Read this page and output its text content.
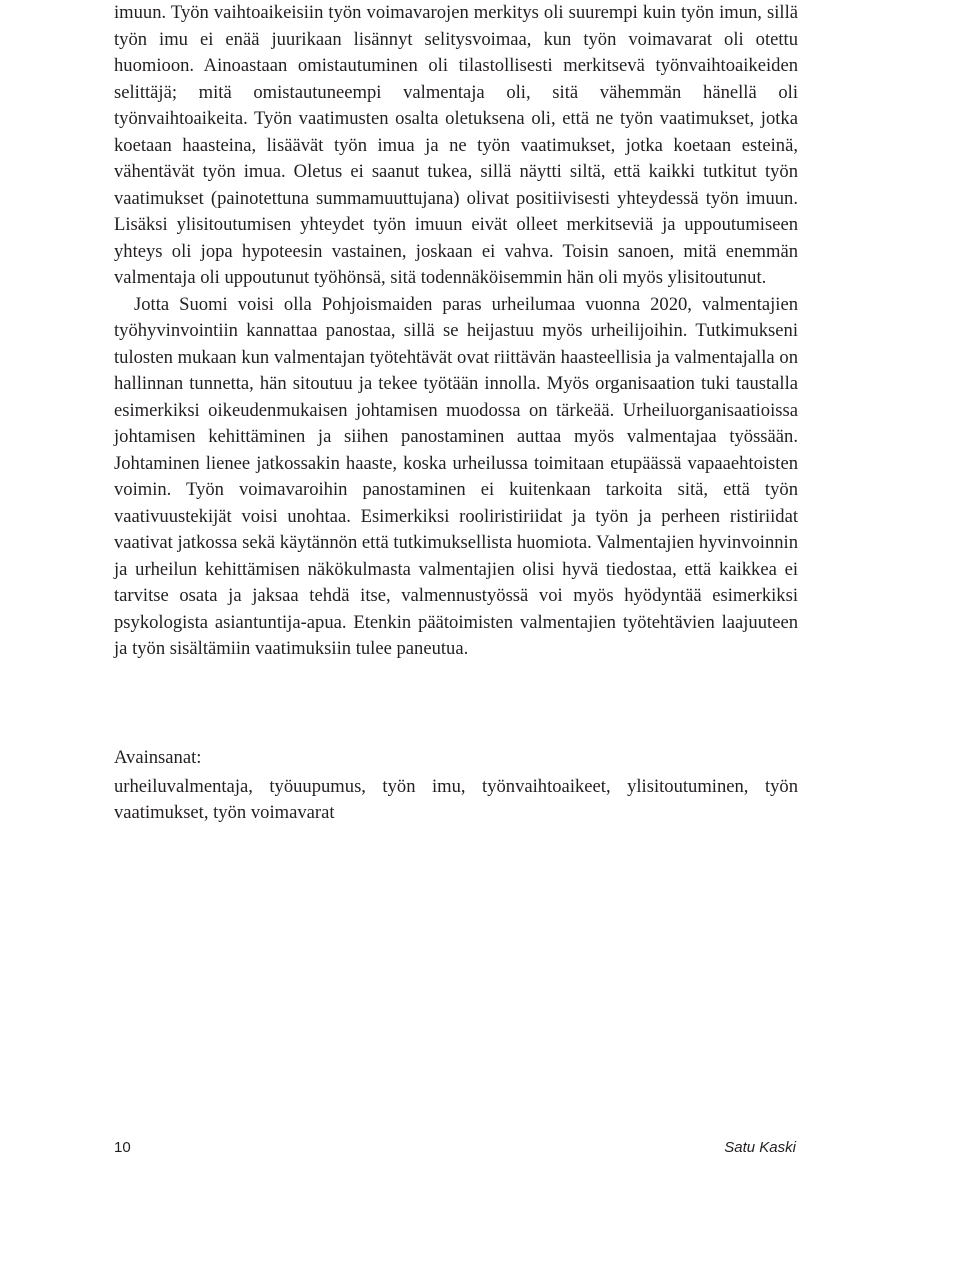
imuun. Työn vaihtoaikeisiin työn voimavarojen merkitys oli suurempi kuin työn imun, sillä työn imu ei enää juurikaan lisännyt selitysvoimaa, kun työn voimavarat oli otettu huomioon. Ainoastaan omistautuminen oli tilastollisesti merkitsevä työnvaihtoaikeiden selittäjä; mitä omistautuneempi valmentaja oli, sitä vähemmän hänellä oli työnvaihtoaikeita. Työn vaatimusten osalta oletuksena oli, että ne työn vaatimukset, jotka koetaan haasteina, lisäävät työn imua ja ne työn vaatimukset, jotka koetaan esteinä, vähentävät työn imua. Oletus ei saanut tukea, sillä näytti siltä, että kaikki tutkitut työn vaatimukset (painotettuna summamuuttujana) olivat positiivisesti yhteydessä työn imuun. Lisäksi ylisitoutumisen yhteydet työn imuun eivät olleet merkitseviä ja uppoutumiseen yhteys oli jopa hypoteesin vastainen, joskaan ei vahva. Toisin sanoen, mitä enemmän valmentaja oli uppoutunut työhönsä, sitä todennäköisemmin hän oli myös ylisitoutunut.

Jotta Suomi voisi olla Pohjoismaiden paras urheilumaa vuonna 2020, valmentajien työhyvinvointiin kannattaa panostaa, sillä se heijastuu myös urheilijoihin. Tutkimukseni tulosten mukaan kun valmentajan työtehtävät ovat riittävän haasteellisia ja valmentajalla on hallinnan tunnetta, hän sitoutuu ja tekee työtään innolla. Myös organisaation tuki taustalla esimerkiksi oikeudenmukaisen johtamisen muodossa on tärkeää. Urheiluorganisaatioissa johtamisen kehittäminen ja siihen panostaminen auttaa myös valmentajaa työssään. Johtaminen lienee jatkossakin haaste, koska urheilussa toimitaan etupäässä vapaaehtoisten voimin. Työn voimavaroihin panostaminen ei kuitenkaan tarkoita sitä, että työn vaativuustekijät voisi unohtaa. Esimerkiksi rooliristiriidat ja työn ja perheen ristiriidat vaativat jatkossa sekä käytännön että tutkimuksellista huomiota. Valmentajien hyvinvoinnin ja urheilun kehittämisen näkökulmasta valmentajien olisi hyvä tiedostaa, että kaikkea ei tarvitse osata ja jaksaa tehdä itse, valmennustyössä voi myös hyödyntää esimerkiksi psykologista asiantuntija-apua. Etenkin päätoimisten valmentajien työtehtävien laajuuteen ja työn sisältämiin vaatimuksiin tulee paneutua.

Avainsanat:

urheiluvalmentaja, työuupumus, työn imu, työnvaihtoaikeet, ylisitoutuminen, työn vaatimukset, työn voimavarat

10	Satu Kaski
